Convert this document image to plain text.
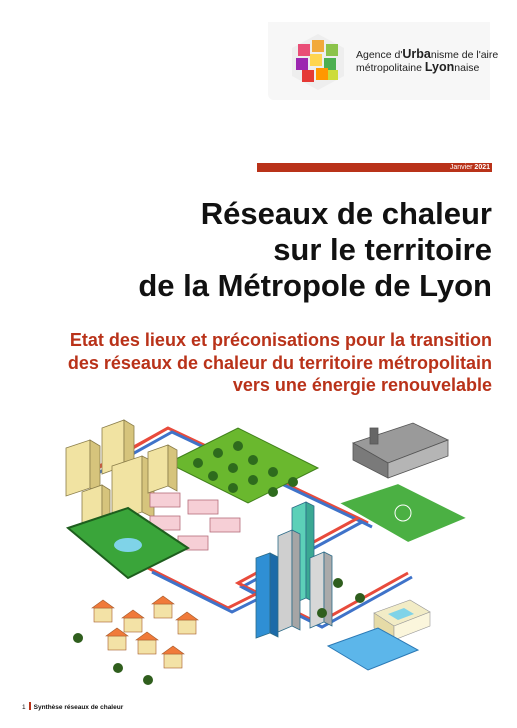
Agence d'Urbanisme de l'aire
métropolitaine Lyonnaise
Janvier 2021
Réseaux de chaleur
sur le territoire
de la Métropole de Lyon
Etat des lieux et préconisations pour la transition
des réseaux de chaleur du territoire métropolitain
vers une énergie renouvelable
1 Synthèse réseaux de chaleur
